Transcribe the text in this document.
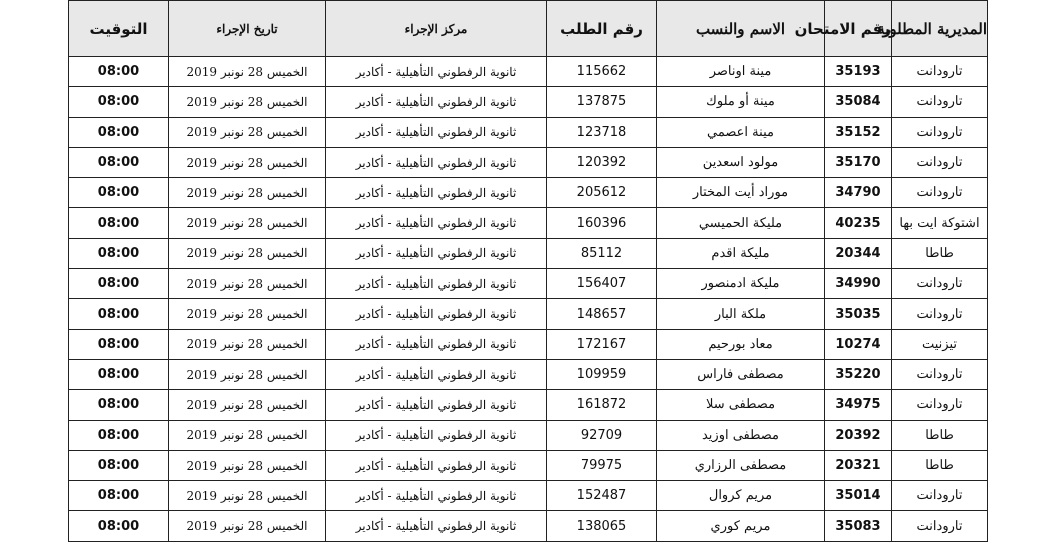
المديرية المطلوبة	رقم الامتحان	الاسم والنسب	رقم الطلب	مركز الإجراء	تاريخ الإجراء	التوقيت
تارودانت	35193	مينة اوناصر	115662	ثانوية الرفطوني التأهيلية - أكادير	الخميس 28 نونبر 2019	08:00
تارودانت	35084	مينة أو ملوك	137875	ثانوية الرفطوني التأهيلية - أكادير	الخميس 28 نونبر 2019	08:00
تارودانت	35152	مينة اعصمي	123718	ثانوية الرفطوني التأهيلية - أكادير	الخميس 28 نونبر 2019	08:00
تارودانت	35170	مولود اسعدين	120392	ثانوية الرفطوني التأهيلية - أكادير	الخميس 28 نونبر 2019	08:00
تارودانت	34790	موراد أيت المختار	205612	ثانوية الرفطوني التأهيلية - أكادير	الخميس 28 نونبر 2019	08:00
اشتوكة ايت بها	40235	مليكة الحميسي	160396	ثانوية الرفطوني التأهيلية - أكادير	الخميس 28 نونبر 2019	08:00
طاطا	20344	مليكة اقدم	85112	ثانوية الرفطوني التأهيلية - أكادير	الخميس 28 نونبر 2019	08:00
تارودانت	34990	مليكة ادمنصور	156407	ثانوية الرفطوني التأهيلية - أكادير	الخميس 28 نونبر 2019	08:00
تارودانت	35035	ملكة البار	148657	ثانوية الرفطوني التأهيلية - أكادير	الخميس 28 نونبر 2019	08:00
تيزنيت	10274	معاد بورحيم	172167	ثانوية الرفطوني التأهيلية - أكادير	الخميس 28 نونبر 2019	08:00
تارودانت	35220	مصطفى فاراس	109959	ثانوية الرفطوني التأهيلية - أكادير	الخميس 28 نونبر 2019	08:00
تارودانت	34975	مصطفى سلا	161872	ثانوية الرفطوني التأهيلية - أكادير	الخميس 28 نونبر 2019	08:00
طاطا	20392	مصطفى اوزيد	92709	ثانوية الرفطوني التأهيلية - أكادير	الخميس 28 نونبر 2019	08:00
طاطا	20321	مصطفى الرزاري	79975	ثانوية الرفطوني التأهيلية - أكادير	الخميس 28 نونبر 2019	08:00
تارودانت	35014	مريم كروال	152487	ثانوية الرفطوني التأهيلية - أكادير	الخميس 28 نونبر 2019	08:00
تارودانت	35083	مريم كوري	138065	ثانوية الرفطوني التأهيلية - أكادير	الخميس 28 نونبر 2019	08:00
